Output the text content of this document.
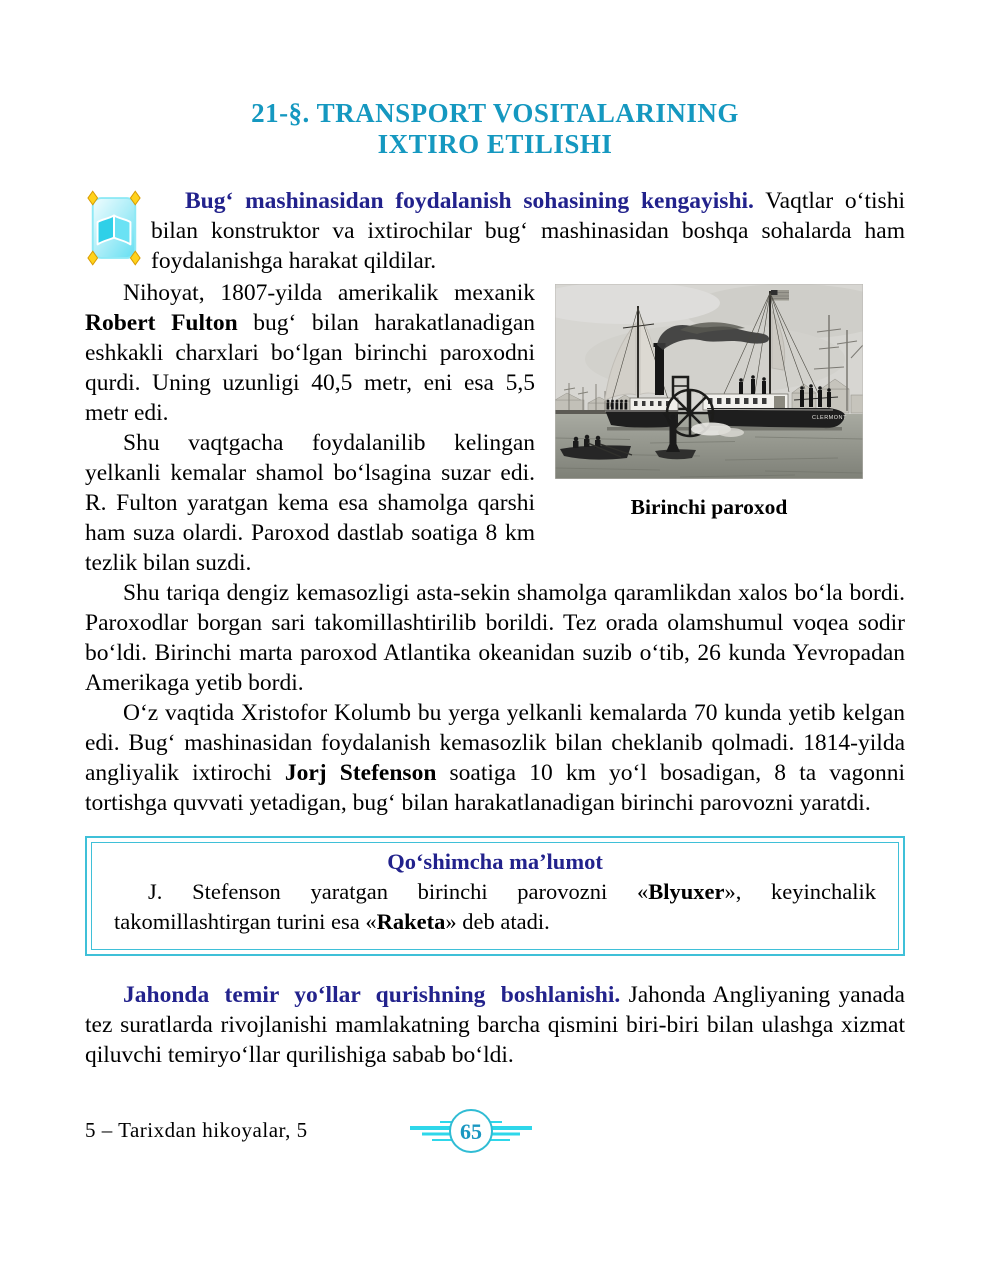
21-§. TRANSPORT VOSITALARINING
IXTIRO ETILISHI

Bug‘ mashinasidan foydalanish sohasining kengayishi. Vaqtlar o‘tishi bilan konstruktor va ixtirochilar bug‘ mashinasidan boshqa sohalarda ham foydalanishga harakat qildilar.

Nihoyat, 1807-yilda amerikalik mexanik Robert Fulton bug‘ bilan harakatlanadigan eshkakli charxlari bo‘lgan birinchi paroxodni qurdi. Uning uzunligi 40,5 metr, eni esa 5,5 metr edi.

Shu vaqtgacha foydalanilib kelingan yelkanli kemalar shamol bo‘lsagina suzar edi. R. Fulton yaratgan kema esa shamolga qarshi ham suza olardi. Paroxod dastlab soatiga 8 km tezlik bilan suzdi.

CLERMONT
Birinchi paroxod

Shu tariqa dengiz kemasozligi asta-sekin shamolga qaramlikdan xalos bo‘la bordi. Paroxodlar borgan sari takomillashtirilib borildi. Tez orada olamshumul voqea sodir bo‘ldi. Birinchi marta paroxod Atlantika okeanidan suzib o‘tib, 26 kunda Yevropadan Amerikaga yetib bordi.

O‘z vaqtida Xristofor Kolumb bu yerga yelkanli kemalarda 70 kunda yetib kelgan edi. Bug‘ mashinasidan foydalanish kemasozlik bilan cheklanib qolmadi. 1814-yilda angliyalik ixtirochi Jorj Stefenson soatiga 10 km yo‘l bosadigan, 8 ta vagonni tortishga quvvati yetadigan, bug‘ bilan harakatlanadigan birinchi parovozni yaratdi.

Qo‘shimcha ma’lumot

J. Stefenson yaratgan birinchi parovozni «Blyuxer», keyinchalik takomillashtirgan turini esa «Raketa» deb atadi.

Jahonda temir yo‘llar qurishning boshlanishi. Jahonda Angliyaning yanada tez suratlarda rivojlanishi mamlakatning barcha qismini biri-biri bilan ulashga xizmat qiluvchi temiryo‘llar qurilishiga sabab bo‘ldi.

5 – Tarixdan hikoyalar, 5	65
